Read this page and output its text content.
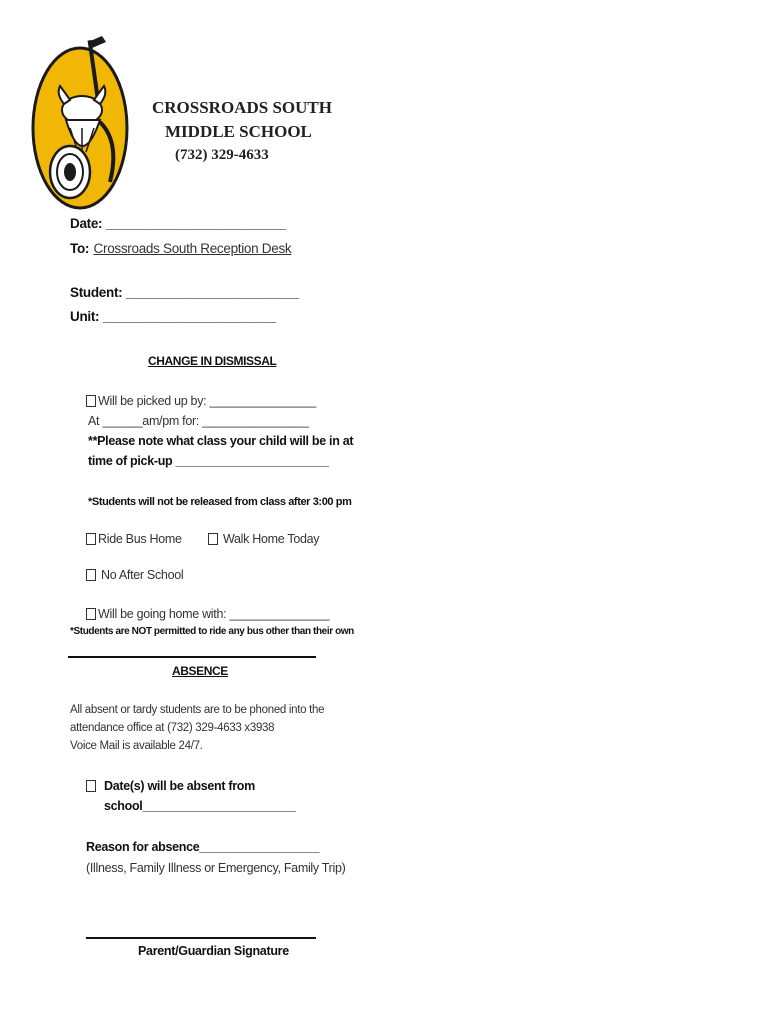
CROSSROADS SOUTH
MIDDLE SCHOOL
(732) 329-4633
Date: _________________________
To: Crossroads South Reception Desk
Student: ________________________
Unit: ________________________
CHANGE IN DISMISSAL
Will be picked up by: ________________
At ______am/pm for: ________________
**Please note what class your child will be in at
time of pick-up _______________________
*Students will not be released from class after 3:00 pm
Ride Bus Home	Walk Home Today
No After School
Will be going home with: _______________
*Students are NOT permitted to ride any bus other than their own
ABSENCE
All absent or tardy students are to be phoned into the
attendance office at (732) 329-4633 x3938
Voice Mail is available 24/7.
Date(s) will be absent from
school_______________________
Reason for absence__________________
(Illness, Family Illness or Emergency, Family Trip)
Parent/Guardian Signature
